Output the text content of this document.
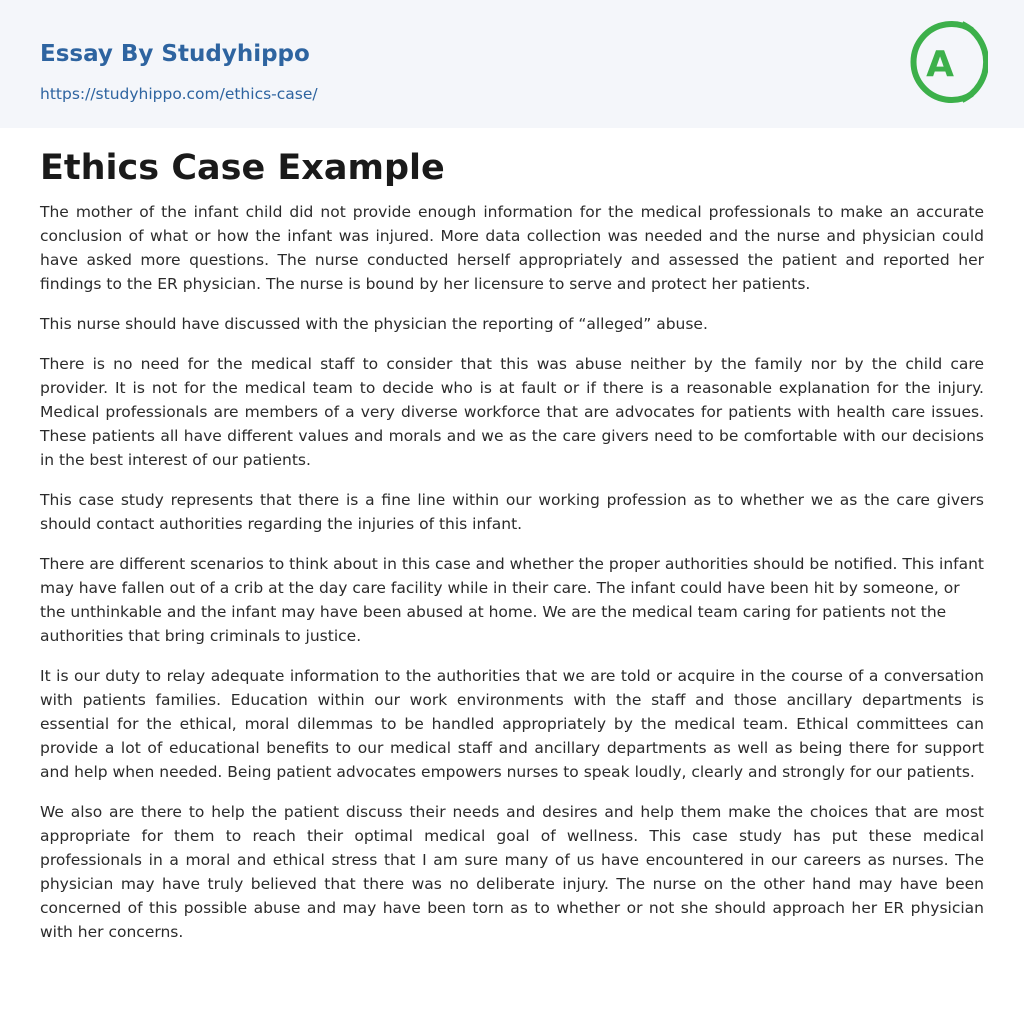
Essay By Studyhippo
https://studyhippo.com/ethics-case/
A
Ethics Case Example

The mother of the infant child did not provide enough information for the medical professionals to make an accurate conclusion of what or how the infant was injured. More data collection was needed and the nurse and physician could have asked more questions. The nurse conducted herself appropriately and assessed the patient and reported her findings to the ER physician. The nurse is bound by her licensure to serve and protect her patients.

This nurse should have discussed with the physician the reporting of “alleged” abuse.

There is no need for the medical staff to consider that this was abuse neither by the family nor by the child care provider. It is not for the medical team to decide who is at fault or if there is a reasonable explanation for the injury. Medical professionals are members of a very diverse workforce that are advocates for patients with health care issues. These patients all have different values and morals and we as the care givers need to be comfortable with our decisions in the best interest of our patients.

This case study represents that there is a fine line within our working profession as to whether we as the care givers should contact authorities regarding the injuries of this infant.

There are different scenarios to think about in this case and whether the proper authorities should be notified. This infant may have fallen out of a crib at the day care facility while in their care. The infant could have been hit by someone, or the unthinkable and the infant may have been abused at home. We are the medical team caring for patients not the authorities that bring criminals to justice.

It is our duty to relay adequate information to the authorities that we are told or acquire in the course of a conversation with patients families. Education within our work environments with the staff and those ancillary departments is essential for the ethical, moral dilemmas to be handled appropriately by the medical team. Ethical committees can provide a lot of educational benefits to our medical staff and ancillary departments as well as being there for support and help when needed. Being patient advocates empowers nurses to speak loudly, clearly and strongly for our patients.

We also are there to help the patient discuss their needs and desires and help them make the choices that are most appropriate for them to reach their optimal medical goal of wellness. This case study has put these medical professionals in a moral and ethical stress that I am sure many of us have encountered in our careers as nurses. The physician may have truly believed that there was no deliberate injury. The nurse on the other hand may have been concerned of this possible abuse and may have been torn as to whether or not she should approach her ER physician with her concerns.
